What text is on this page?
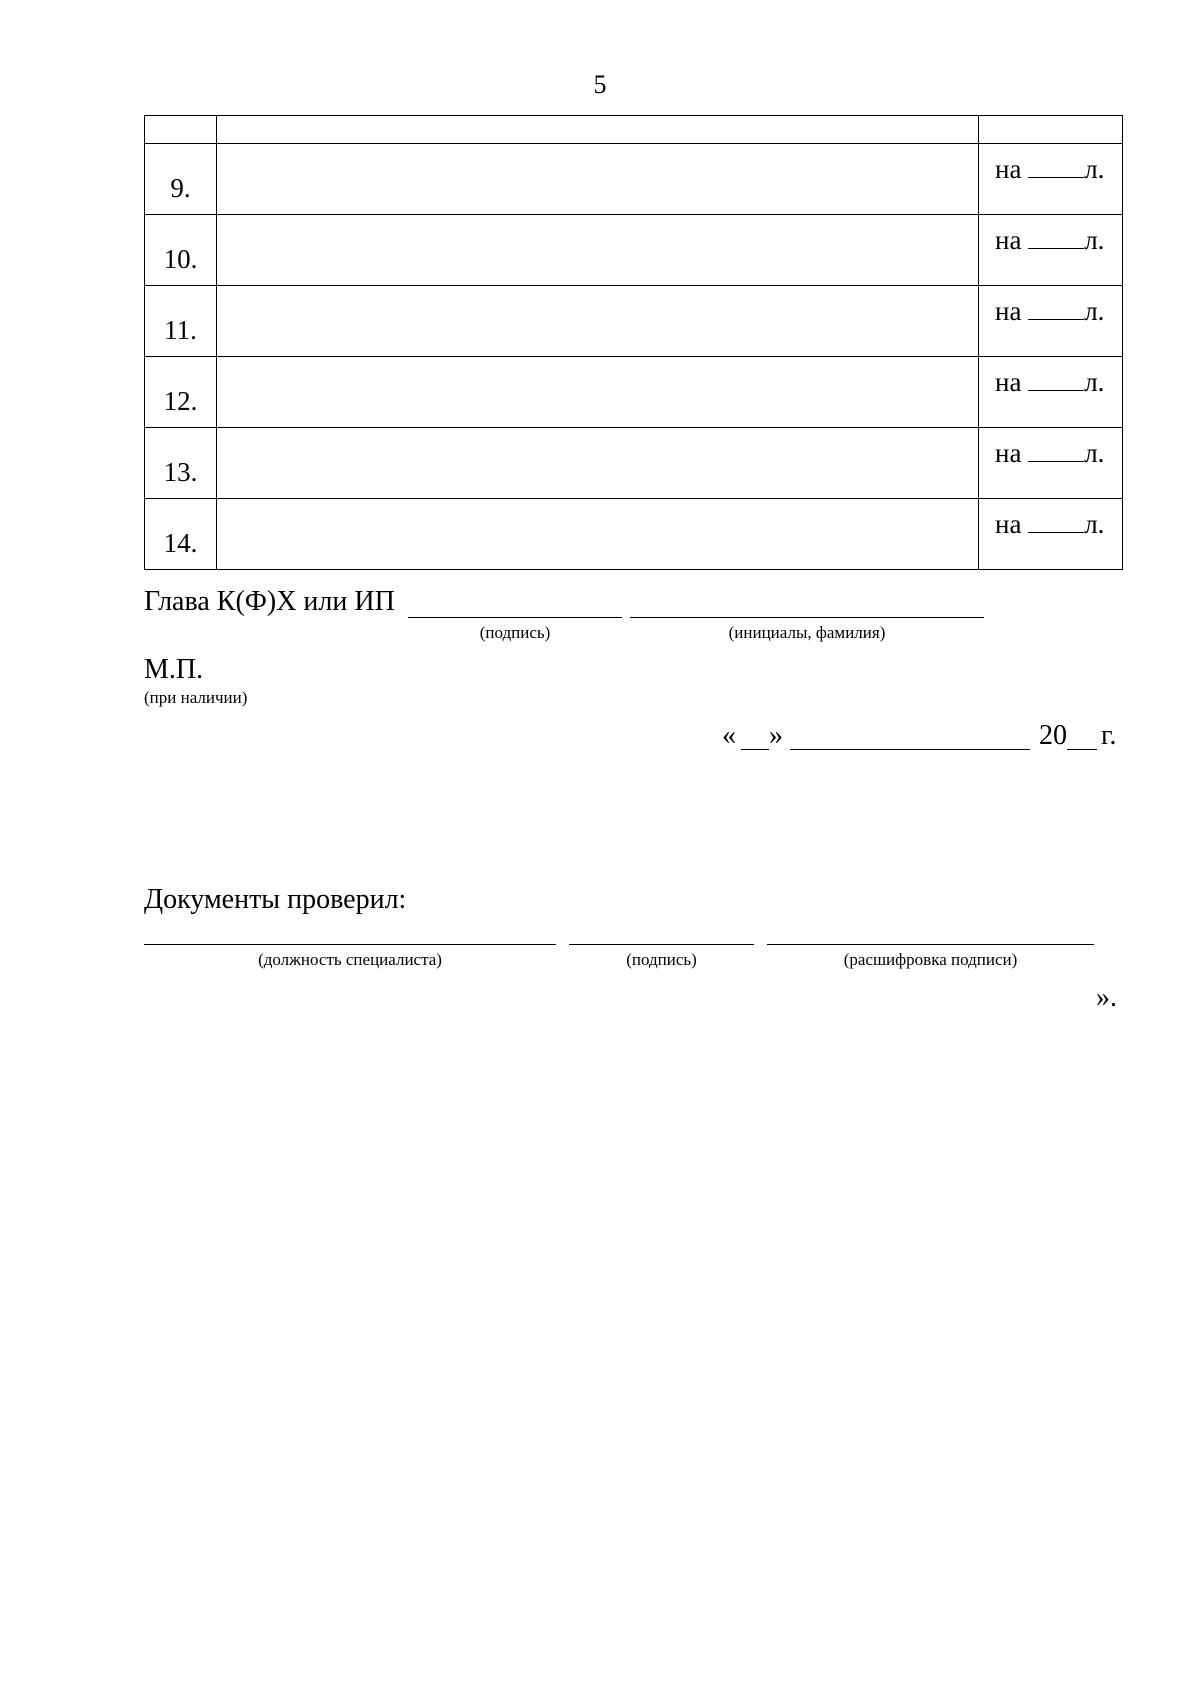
5

9.		на л.
10.		на л.
11.		на л.
12.		на л.
13.		на л.
14.		на л.
Глава К(Ф)Х или ИП
(подпись)	(инициалы, фамилия)
М.П.
(при наличии)
« »	20 г.
Документы проверил:
(должность специалиста)	(подпись)	(расшифровка подписи)
».
